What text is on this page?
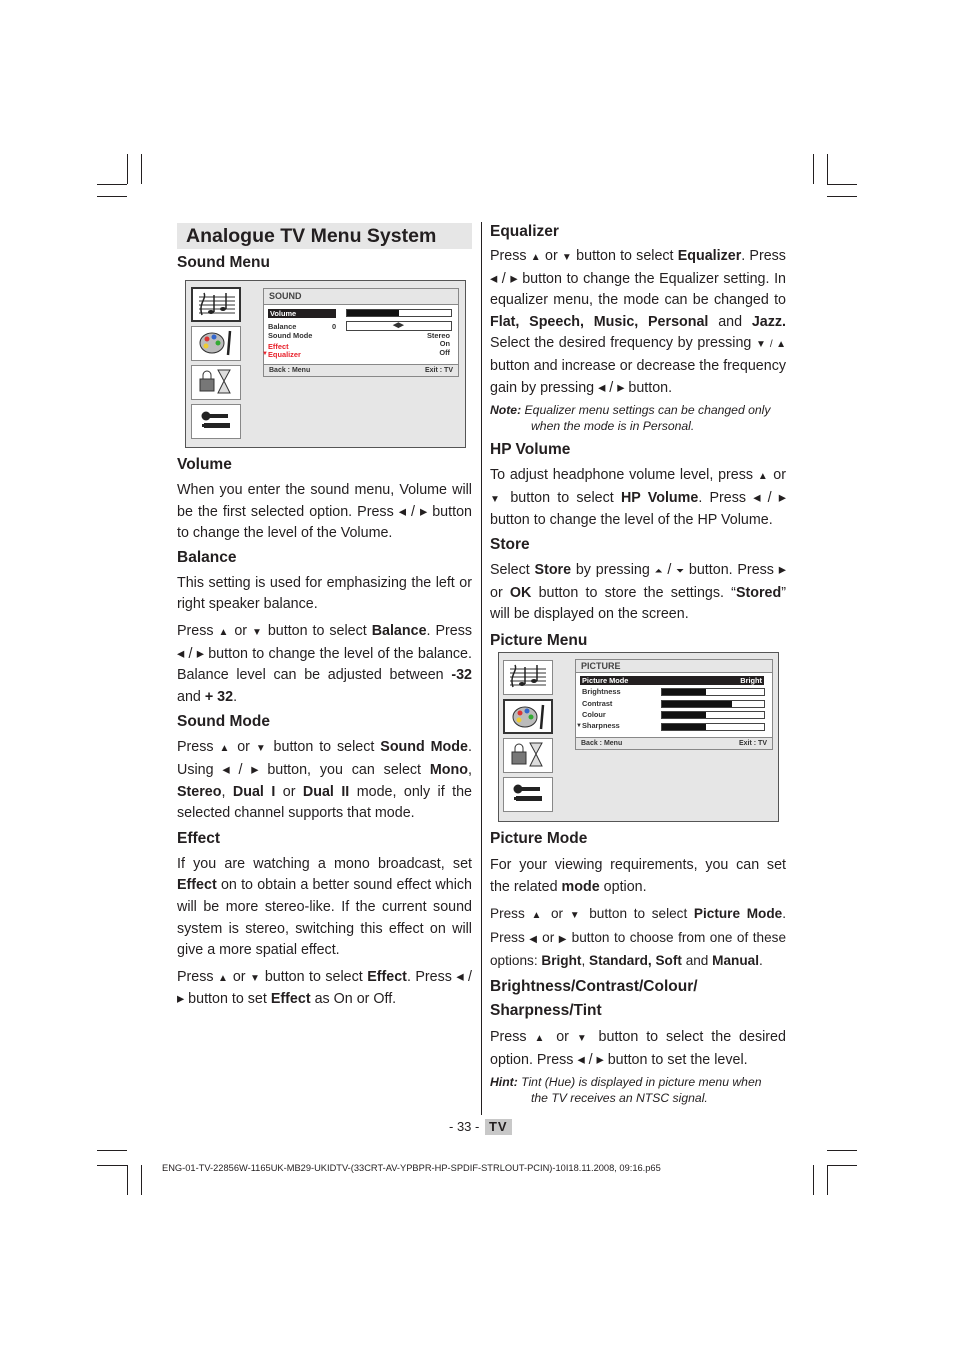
Analogue TV Menu System
Sound Menu
SOUND
Volume
Balance	0	◀▶
Sound Mode	Stereo
Effect	On
▼ Equalizer	Off
Back : Menu	Exit : TV
Volume

When you enter the sound menu, Volume will be the first selected option. Press ◂ / ▸ button to change the level of the Volume.

Balance

This setting is used for emphasizing the left or right speaker balance.

Press ▲ or ▼ button to select Balance. Press ◂ / ▸ button to change the level of the balance. Balance level can be adjusted between -32 and + 32.

Sound Mode

Press ▲ or ▼ button to select Sound Mode. Using ◂ / ▸ button, you can select Mono, Stereo, Dual I or Dual II mode, only if the selected channel supports that mode.

Effect

If you are watching a mono broadcast, set Effect on to obtain a better sound effect which will be more stereo-like. If the current sound system is stereo, switching this effect on will give a more spatial effect.

Press ▲ or ▼ button to select Effect. Press ◂ / ▸ button to set Effect as On or Off.

Equalizer

Press ▲ or ▼ button to select Equalizer. Press ◂ / ▸ button to change the Equalizer setting. In equalizer menu, the mode can be changed to Flat, Speech, Music, Personal and Jazz. Select the desired frequency by pressing ▼ / ▲ button and increase or decrease the frequency gain by pressing ◂ / ▸ button.

Note: Equalizer menu settings can be changed only
when the mode is in Personal.

HP Volume

To adjust headphone volume level, press ▲ or ▼ button to select HP Volume. Press ◂ / ▸ button to change the level of the HP Volume.

Store

Select Store by pressing ⏶ / ⏷ button. Press ▸ or OK button to store the settings. “Stored” will be displayed on the screen.

Picture Menu
PICTURE
Picture Mode	Bright
Brightness
Contrast
Colour
▼ Sharpness
Back : Menu	Exit : TV
Picture Mode

For your viewing requirements, you can set the related mode option.

Press ▲ or ▼ button to select Picture Mode. Press ◀ or ▶ button to choose from one of these options: Bright, Standard, Soft and Manual.

Brightness/Contrast/Colour/
Sharpness/Tint

Press ▲ or ▼ button to select the desired option. Press ◂ / ▸ button to set the level.

Hint: Tint (Hue) is displayed in picture menu when
the TV receives an NTSC signal.

- 33 - TV
ENG-01-TV-22856W-1165UK-MB29-UKIDTV-(33CRT-AV-YPBPR-HP-SPDIF-STRLOUT-PCIN)-10I18.11.2008, 09:16.p65
